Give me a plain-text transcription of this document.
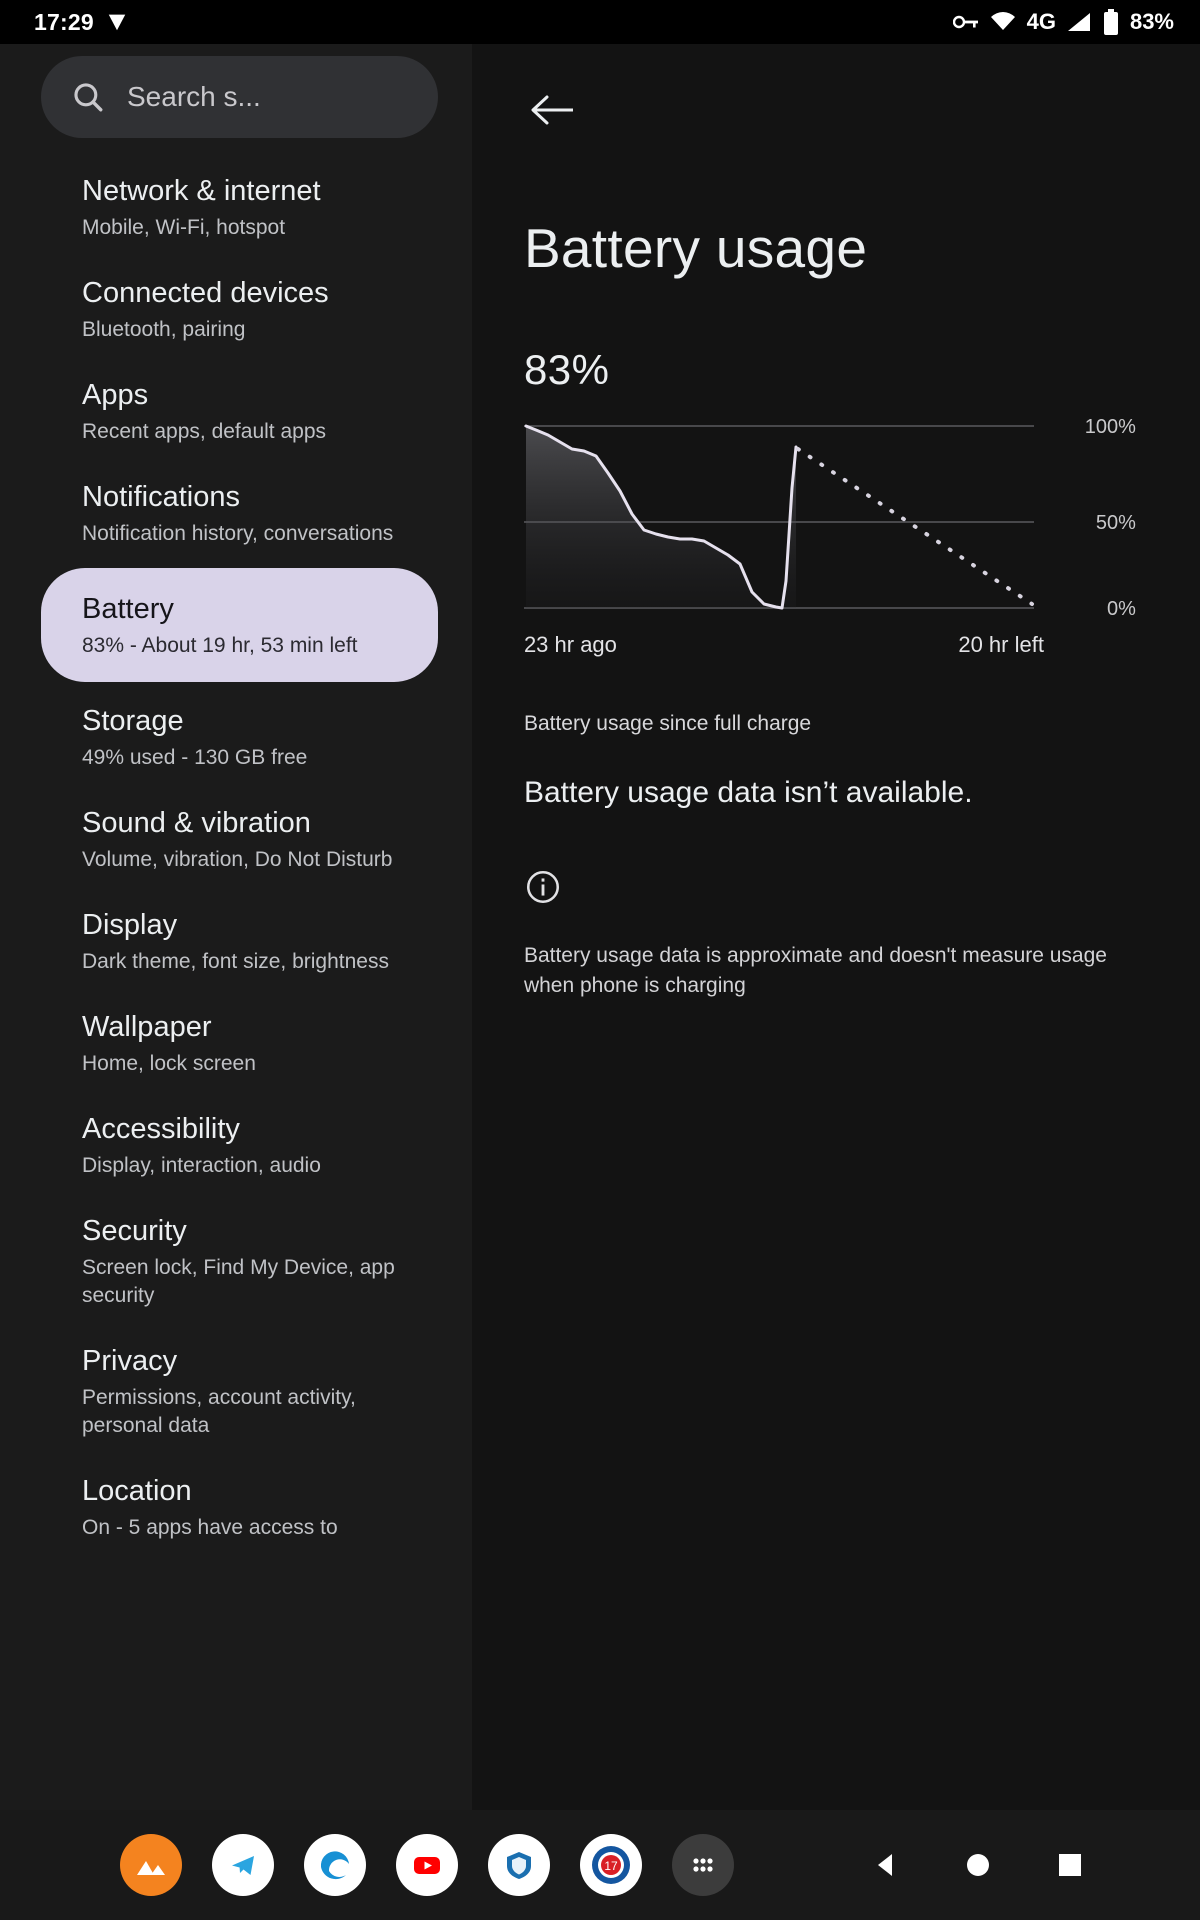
17:29	4G	83%
Search s...
Network & internet
Mobile, Wi-Fi, hotspot
Connected devices
Bluetooth, pairing
Apps
Recent apps, default apps
Notifications
Notification history, conversations
Battery
83% - About 19 hr, 53 min left
Storage
49% used - 130 GB free
Sound & vibration
Volume, vibration, Do Not Disturb
Display
Dark theme, font size, brightness
Wallpaper
Home, lock screen
Accessibility
Display, interaction, audio
Security
Screen lock, Find My Device, app security
Privacy
Permissions, account activity, personal data
Location
On - 5 apps have access to
Battery usage
83%
100%
50%
0%
23 hr ago	20 hr left
Battery usage since full charge
Battery usage data isn’t available.
Battery usage data is approximate and doesn't measure usage when phone is charging
17
